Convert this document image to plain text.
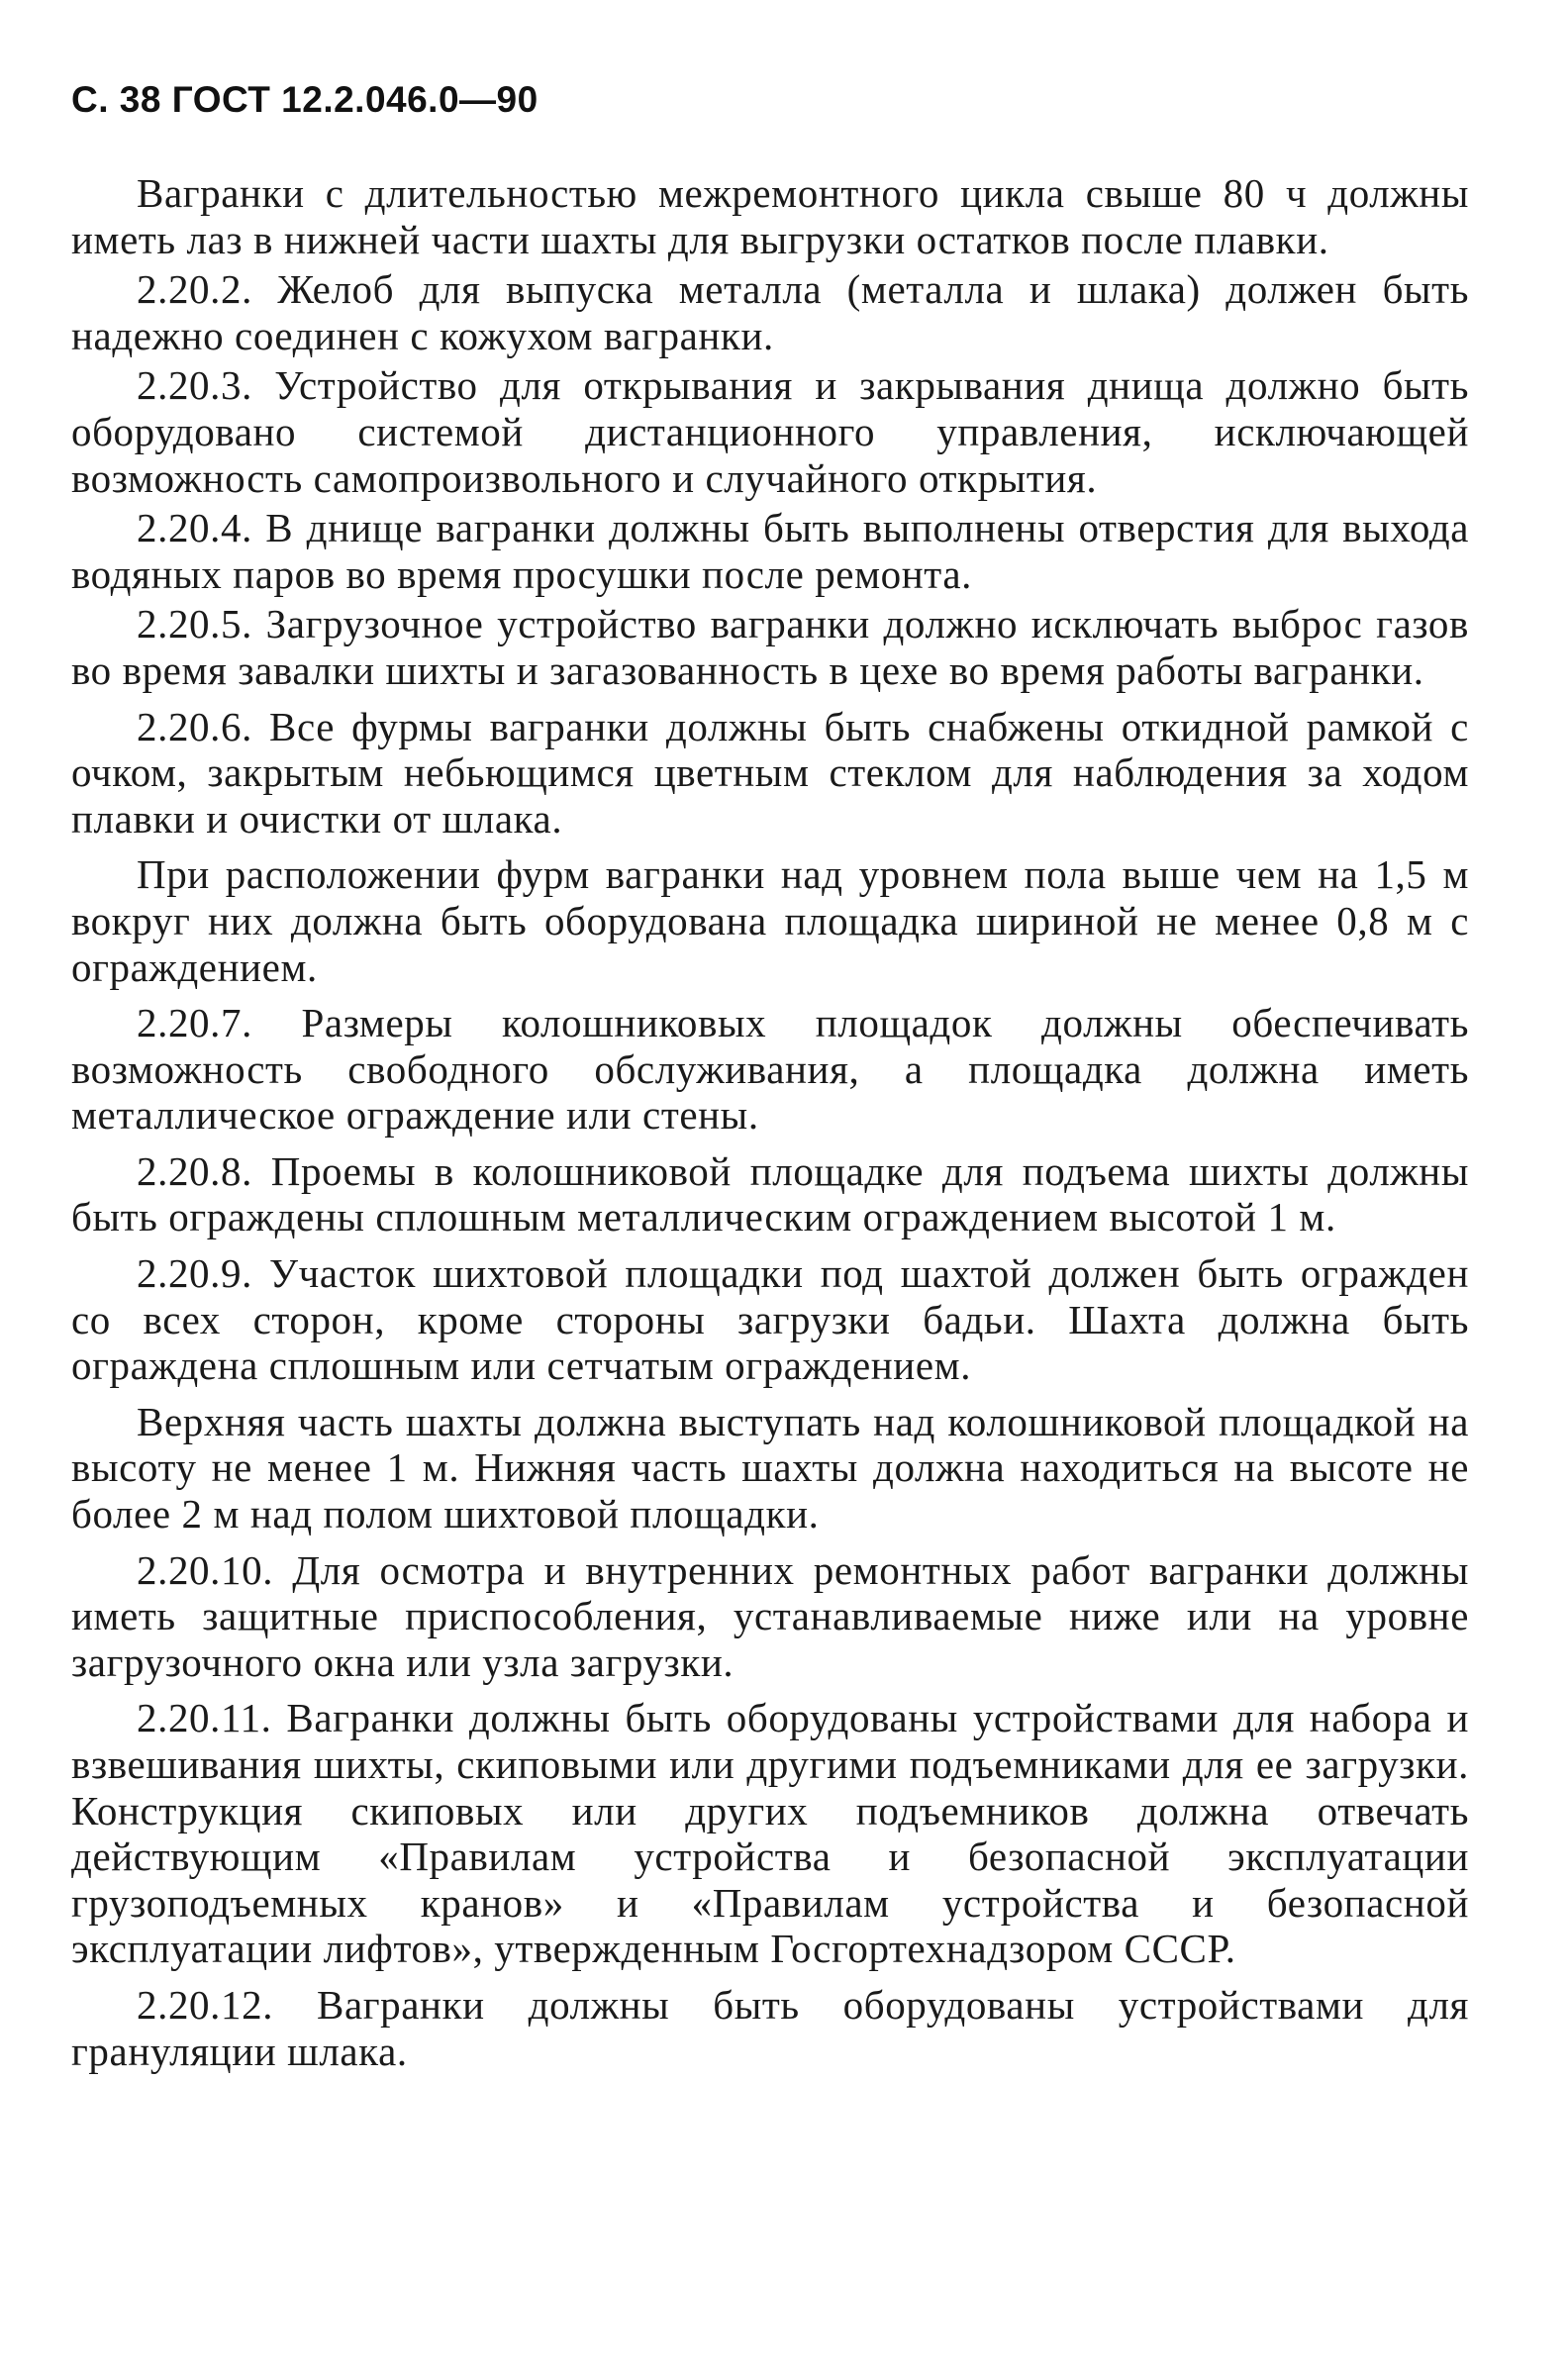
С. 38 ГОСТ 12.2.046.0—90

Вагранки с длительностью межремонтного цикла свыше 80 ч должны иметь лаз в нижней части шахты для выгрузки остатков после плавки.

2.20.2. Желоб для выпуска металла (металла и шлака) должен быть надежно соединен с кожухом вагранки.

2.20.3. Устройство для открывания и закрывания днища должно быть оборудовано системой дистанционного управления, исключающей возможность самопроизвольного и случайного открытия.

2.20.4. В днище вагранки должны быть выполнены отверстия для выхода водяных паров во время просушки после ремонта.

2.20.5. Загрузочное устройство вагранки должно исключать выброс газов во время завалки шихты и загазованность в цехе во время работы вагранки.

2.20.6. Все фурмы вагранки должны быть снабжены откидной рамкой с очком, закрытым небьющимся цветным стеклом для наблюдения за ходом плавки и очистки от шлака.

При расположении фурм вагранки над уровнем пола выше чем на 1,5 м вокруг них должна быть оборудована площадка шириной не менее 0,8 м с ограждением.

2.20.7. Размеры колошниковых площадок должны обеспечивать возможность свободного обслуживания, а площадка должна иметь металлическое ограждение или стены.

2.20.8. Проемы в колошниковой площадке для подъема шихты должны быть ограждены сплошным металлическим ограждением высотой 1 м.

2.20.9. Участок шихтовой площадки под шахтой должен быть огражден со всех сторон, кроме стороны загрузки бадьи. Шахта должна быть ограждена сплошным или сетчатым ограждением.

Верхняя часть шахты должна выступать над колошниковой площадкой на высоту не менее 1 м. Нижняя часть шахты должна находиться на высоте не более 2 м над полом шихтовой площадки.

2.20.10. Для осмотра и внутренних ремонтных работ вагранки должны иметь защитные приспособления, устанавливаемые ниже или на уровне загрузочного окна или узла загрузки.

2.20.11. Вагранки должны быть оборудованы устройствами для набора и взвешивания шихты, скиповыми или другими подъемниками для ее загрузки. Конструкция скиповых или других подъемников должна отвечать действующим «Правилам устройства и безопасной эксплуатации грузоподъемных кранов» и «Правилам устройства и безопасной эксплуатации лифтов», утвержденным Госгортехнадзором СССР.

2.20.12. Вагранки должны быть оборудованы устройствами для грануляции шлака.
